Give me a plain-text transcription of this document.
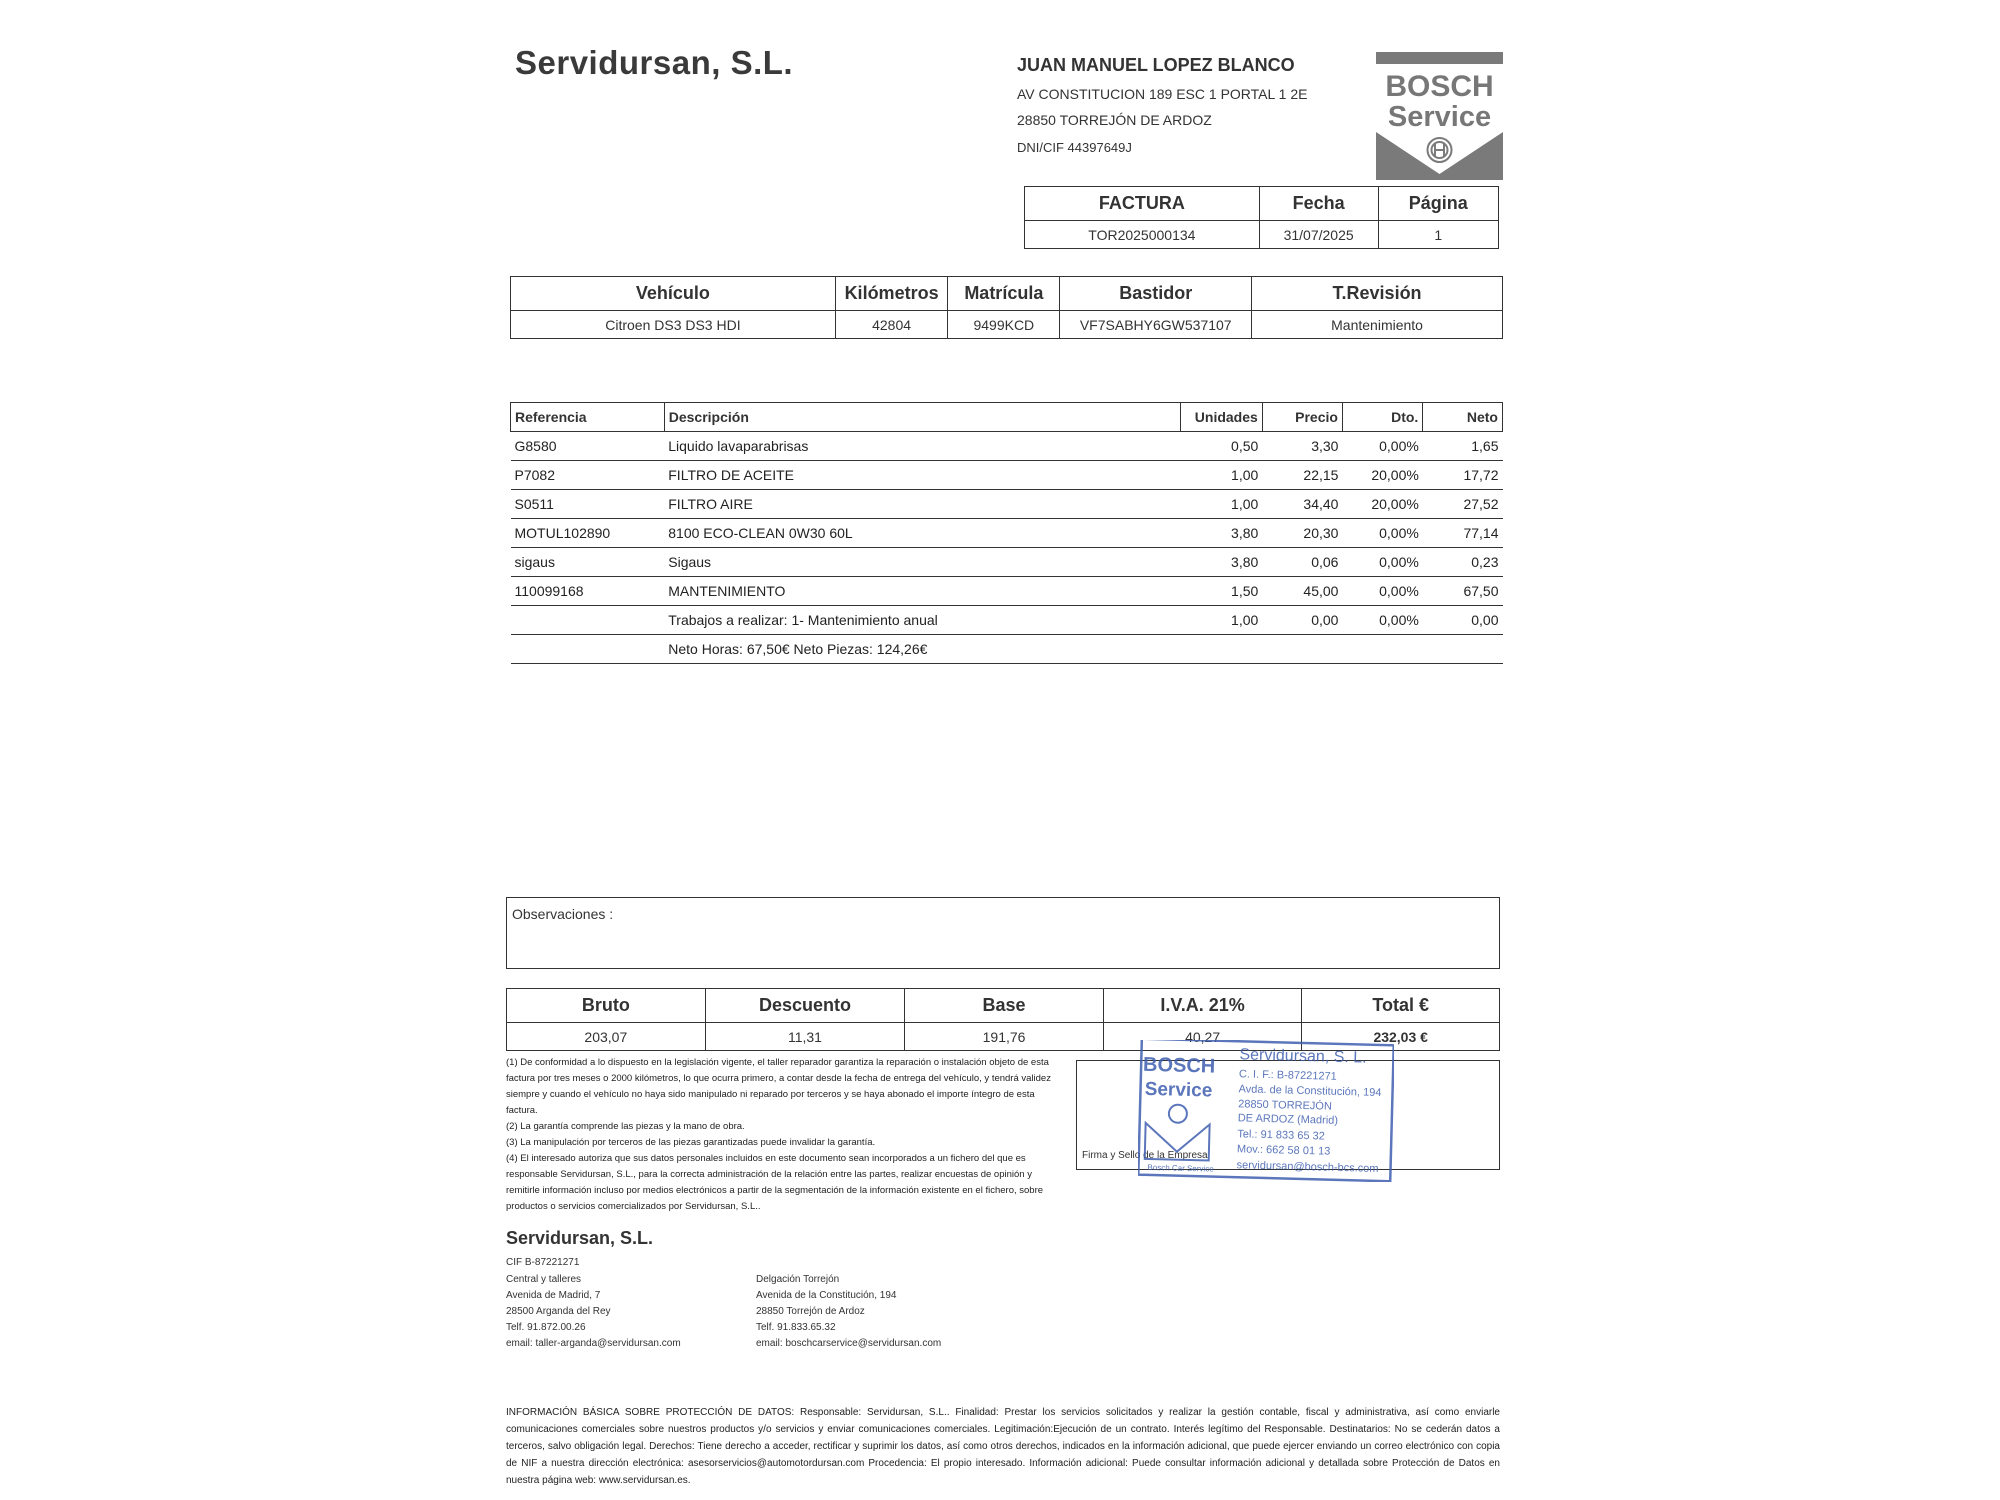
Servidursan, S.L.	JUAN MANUEL LOPEZ BLANCO
AV CONSTITUCION 189 ESC 1 PORTAL 1 2E
28850 TORREJÓN DE ARDOZ
DNI/CIF 44397649J
BOSCH
Service
FACTURA	Fecha	Página
TOR2025000134	31/07/2025	1
Vehículo	Kilómetros	Matrícula	Bastidor	T.Revisión
Citroen DS3 DS3 HDI	42804	9499KCD	VF7SABHY6GW537107	Mantenimiento
Referencia	Descripción	Unidades	Precio	Dto.	Neto
G8580	Liquido lavaparabrisas	0,50	3,30	0,00%	1,65
P7082	FILTRO DE ACEITE	1,00	22,15	20,00%	17,72
S0511	FILTRO AIRE	1,00	34,40	20,00%	27,52
MOTUL102890	8100 ECO-CLEAN 0W30 60L	3,80	20,30	0,00%	77,14
sigaus	Sigaus	3,80	0,06	0,00%	0,23
110099168	MANTENIMIENTO	1,50	45,00	0,00%	67,50
	Trabajos a realizar: 1- Mantenimiento anual	1,00	0,00	0,00%	0,00
	Neto Horas: 67,50€ Neto Piezas: 124,26€				
Observaciones :
Bruto	Descuento	Base	I.V.A. 21%	Total €
203,07	11,31	191,76	40,27	232,03 €
(1) De conformidad a lo dispuesto en la legislación vigente, el taller reparador garantiza la reparación o instalación objeto de esta factura por tres meses o 2000 kilómetros, lo que ocurra primero, a contar desde la fecha de entrega del vehículo, y tendrá validez siempre y cuando el vehículo no haya sido manipulado ni reparado por terceros y se haya abonado el importe íntegro de esta factura.
(2) La garantía comprende las piezas y la mano de obra.
(3) La manipulación por terceros de las piezas garantizadas puede invalidar la garantía.
(4) El interesado autoriza que sus datos personales incluidos en este documento sean incorporados a un fichero del que es responsable Servidursan, S.L., para la correcta administración de la relación entre las partes, realizar encuestas de opinión y remitirle información incluso por medios electrónicos a partir de la segmentación de la información existente en el fichero, sobre productos o servicios comercializados por Servidursan, S.L..
Firma y Sello de la Empresa
BOSCH
Service
Bosch Car Service
Servidursan, S. L.
C. I. F.: B-87221271
Avda. de la Constitución, 194
28850 TORREJÓN
DE ARDOZ (Madrid)
Tel.: 91 833 65 32
Mov.: 662 58 01 13
servidursan@bosch-bcs.com
Servidursan, S.L.
CIF B-87221271
Central y talleres
Avenida de Madrid, 7
28500 Arganda del Rey
Telf. 91.872.00.26
email: taller-arganda@servidursan.com
Delgación Torrejón
Avenida de la Constitución, 194
28850 Torrejón de Ardoz
Telf. 91.833.65.32
email: boschcarservice@servidursan.com
INFORMACIÓN BÁSICA SOBRE PROTECCIÓN DE DATOS: Responsable: Servidursan, S.L.. Finalidad: Prestar los servicios solicitados y realizar la gestión contable, fiscal y administrativa, así como enviarle comunicaciones comerciales sobre nuestros productos y/o servicios y enviar comunicaciones comerciales. Legitimación:Ejecución de un contrato. Interés legítimo del Responsable. Destinatarios: No se cederán datos a terceros, salvo obligación legal. Derechos: Tiene derecho a acceder, rectificar y suprimir los datos, así como otros derechos, indicados en la información adicional, que puede ejercer enviando un correo electrónico con copia de NIF a nuestra dirección electrónica: asesorservicios@automotordursan.com Procedencia: El propio interesado. Información adicional: Puede consultar información adicional y detallada sobre Protección de Datos en nuestra página web: www.servidursan.es.
